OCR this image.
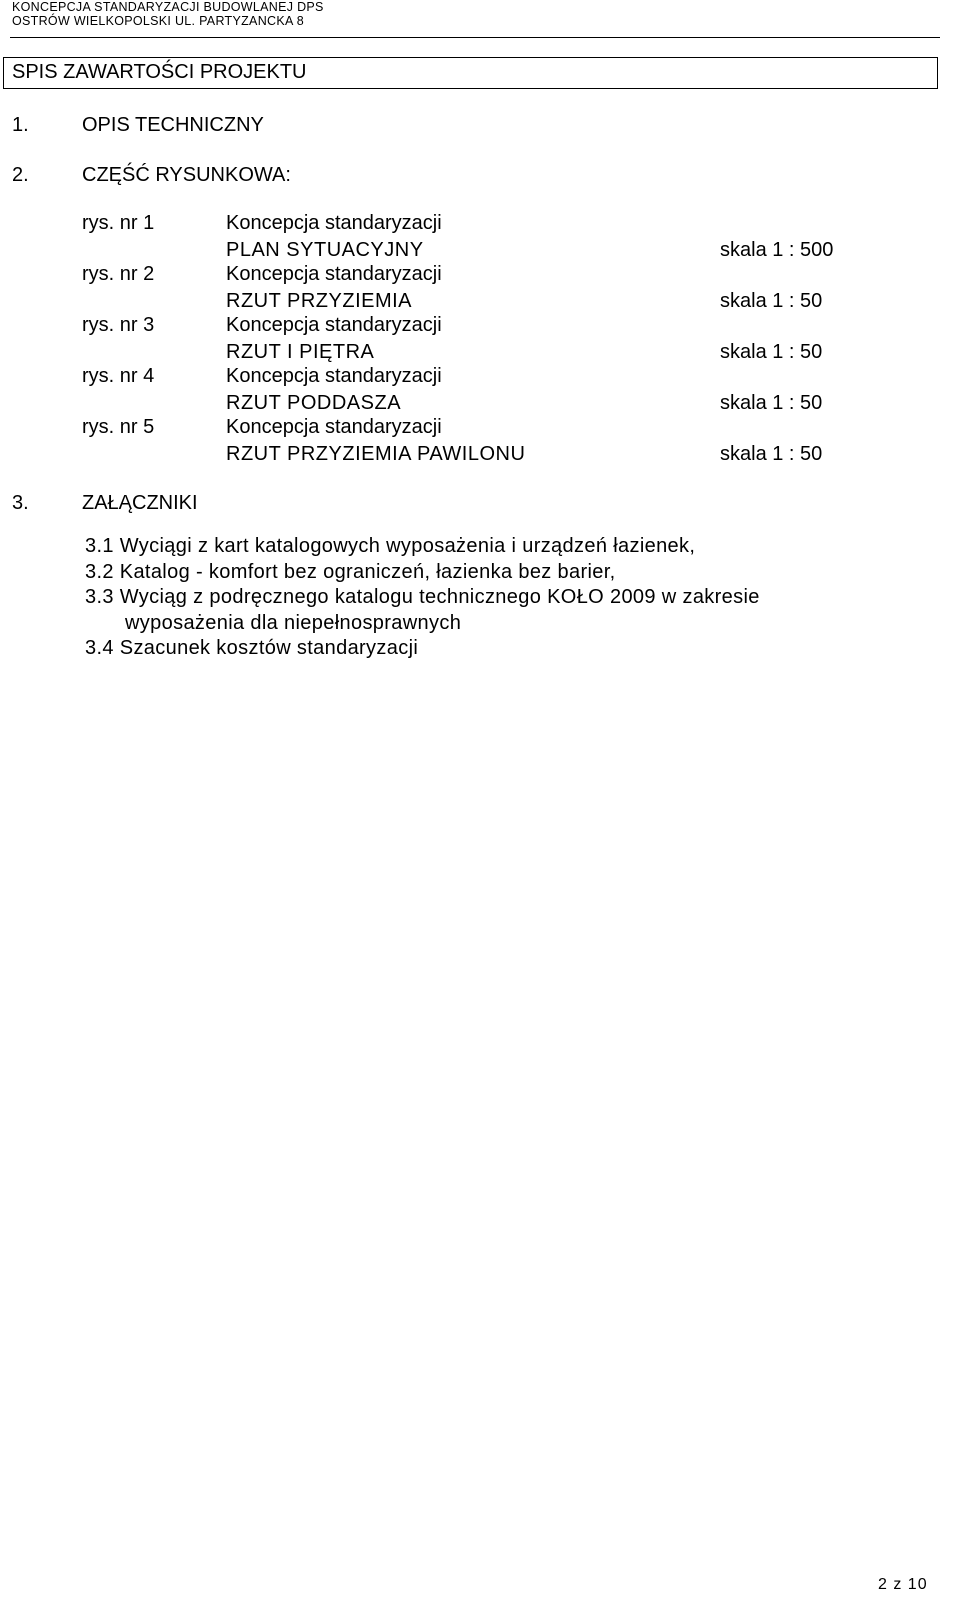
KONCEPCJA STANDARYZACJI BUDOWLANEJ DPS
OSTRÓW WIELKOPOLSKI UL. PARTYZANCKA 8
SPIS ZAWARTOŚCI PROJEKTU
1.	OPIS TECHNICZNY
2.	CZĘŚĆ RYSUNKOWA:
rys. nr 1	Koncepcja standaryzacji
PLAN SYTUACYJNY	skala 1 : 500
rys. nr 2	Koncepcja standaryzacji
RZUT PRZYZIEMIA	skala 1 : 50
rys. nr 3	Koncepcja standaryzacji
RZUT I PIĘTRA	skala 1 : 50
rys. nr 4	Koncepcja standaryzacji
RZUT PODDASZA	skala 1 : 50
rys. nr 5	Koncepcja standaryzacji
RZUT PRZYZIEMIA PAWILONU	skala 1 : 50
3.	ZAŁĄCZNIKI
3.1 Wyciągi z kart katalogowych wyposażenia i urządzeń łazienek,
3.2 Katalog - komfort bez ograniczeń, łazienka bez barier,
3.3 Wyciąg z podręcznego katalogu technicznego KOŁO 2009 w zakresie
wyposażenia dla niepełnosprawnych
3.4 Szacunek kosztów standaryzacji
2 z 10
